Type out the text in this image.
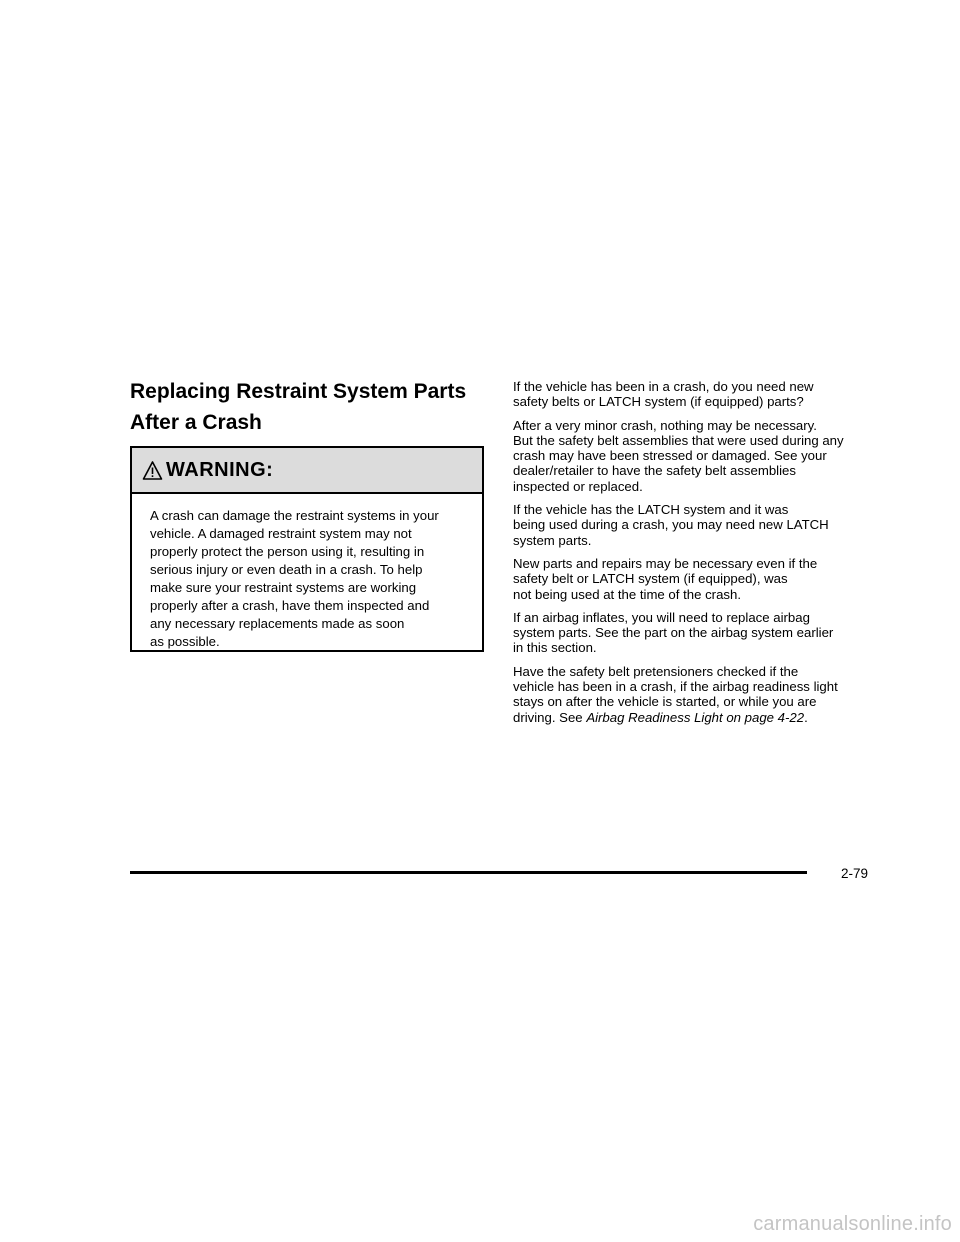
Replacing Restraint System Parts
After a Crash
WARNING:

A crash can damage the restraint systems in your
vehicle. A damaged restraint system may not
properly protect the person using it, resulting in
serious injury or even death in a crash. To help
make sure your restraint systems are working
properly after a crash, have them inspected and
any necessary replacements made as soon
as possible.

If the vehicle has been in a crash, do you need new
safety belts or LATCH system (if equipped) parts?

After a very minor crash, nothing may be necessary.
But the safety belt assemblies that were used during any
crash may have been stressed or damaged. See your
dealer/retailer to have the safety belt assemblies
inspected or replaced.

If the vehicle has the LATCH system and it was
being used during a crash, you may need new LATCH
system parts.

New parts and repairs may be necessary even if the
safety belt or LATCH system (if equipped), was
not being used at the time of the crash.

If an airbag inflates, you will need to replace airbag
system parts. See the part on the airbag system earlier
in this section.

Have the safety belt pretensioners checked if the
vehicle has been in a crash, if the airbag readiness light
stays on after the vehicle is started, or while you are
driving. See Airbag Readiness Light on page 4-22.

2-79
carmanualsonline.info
